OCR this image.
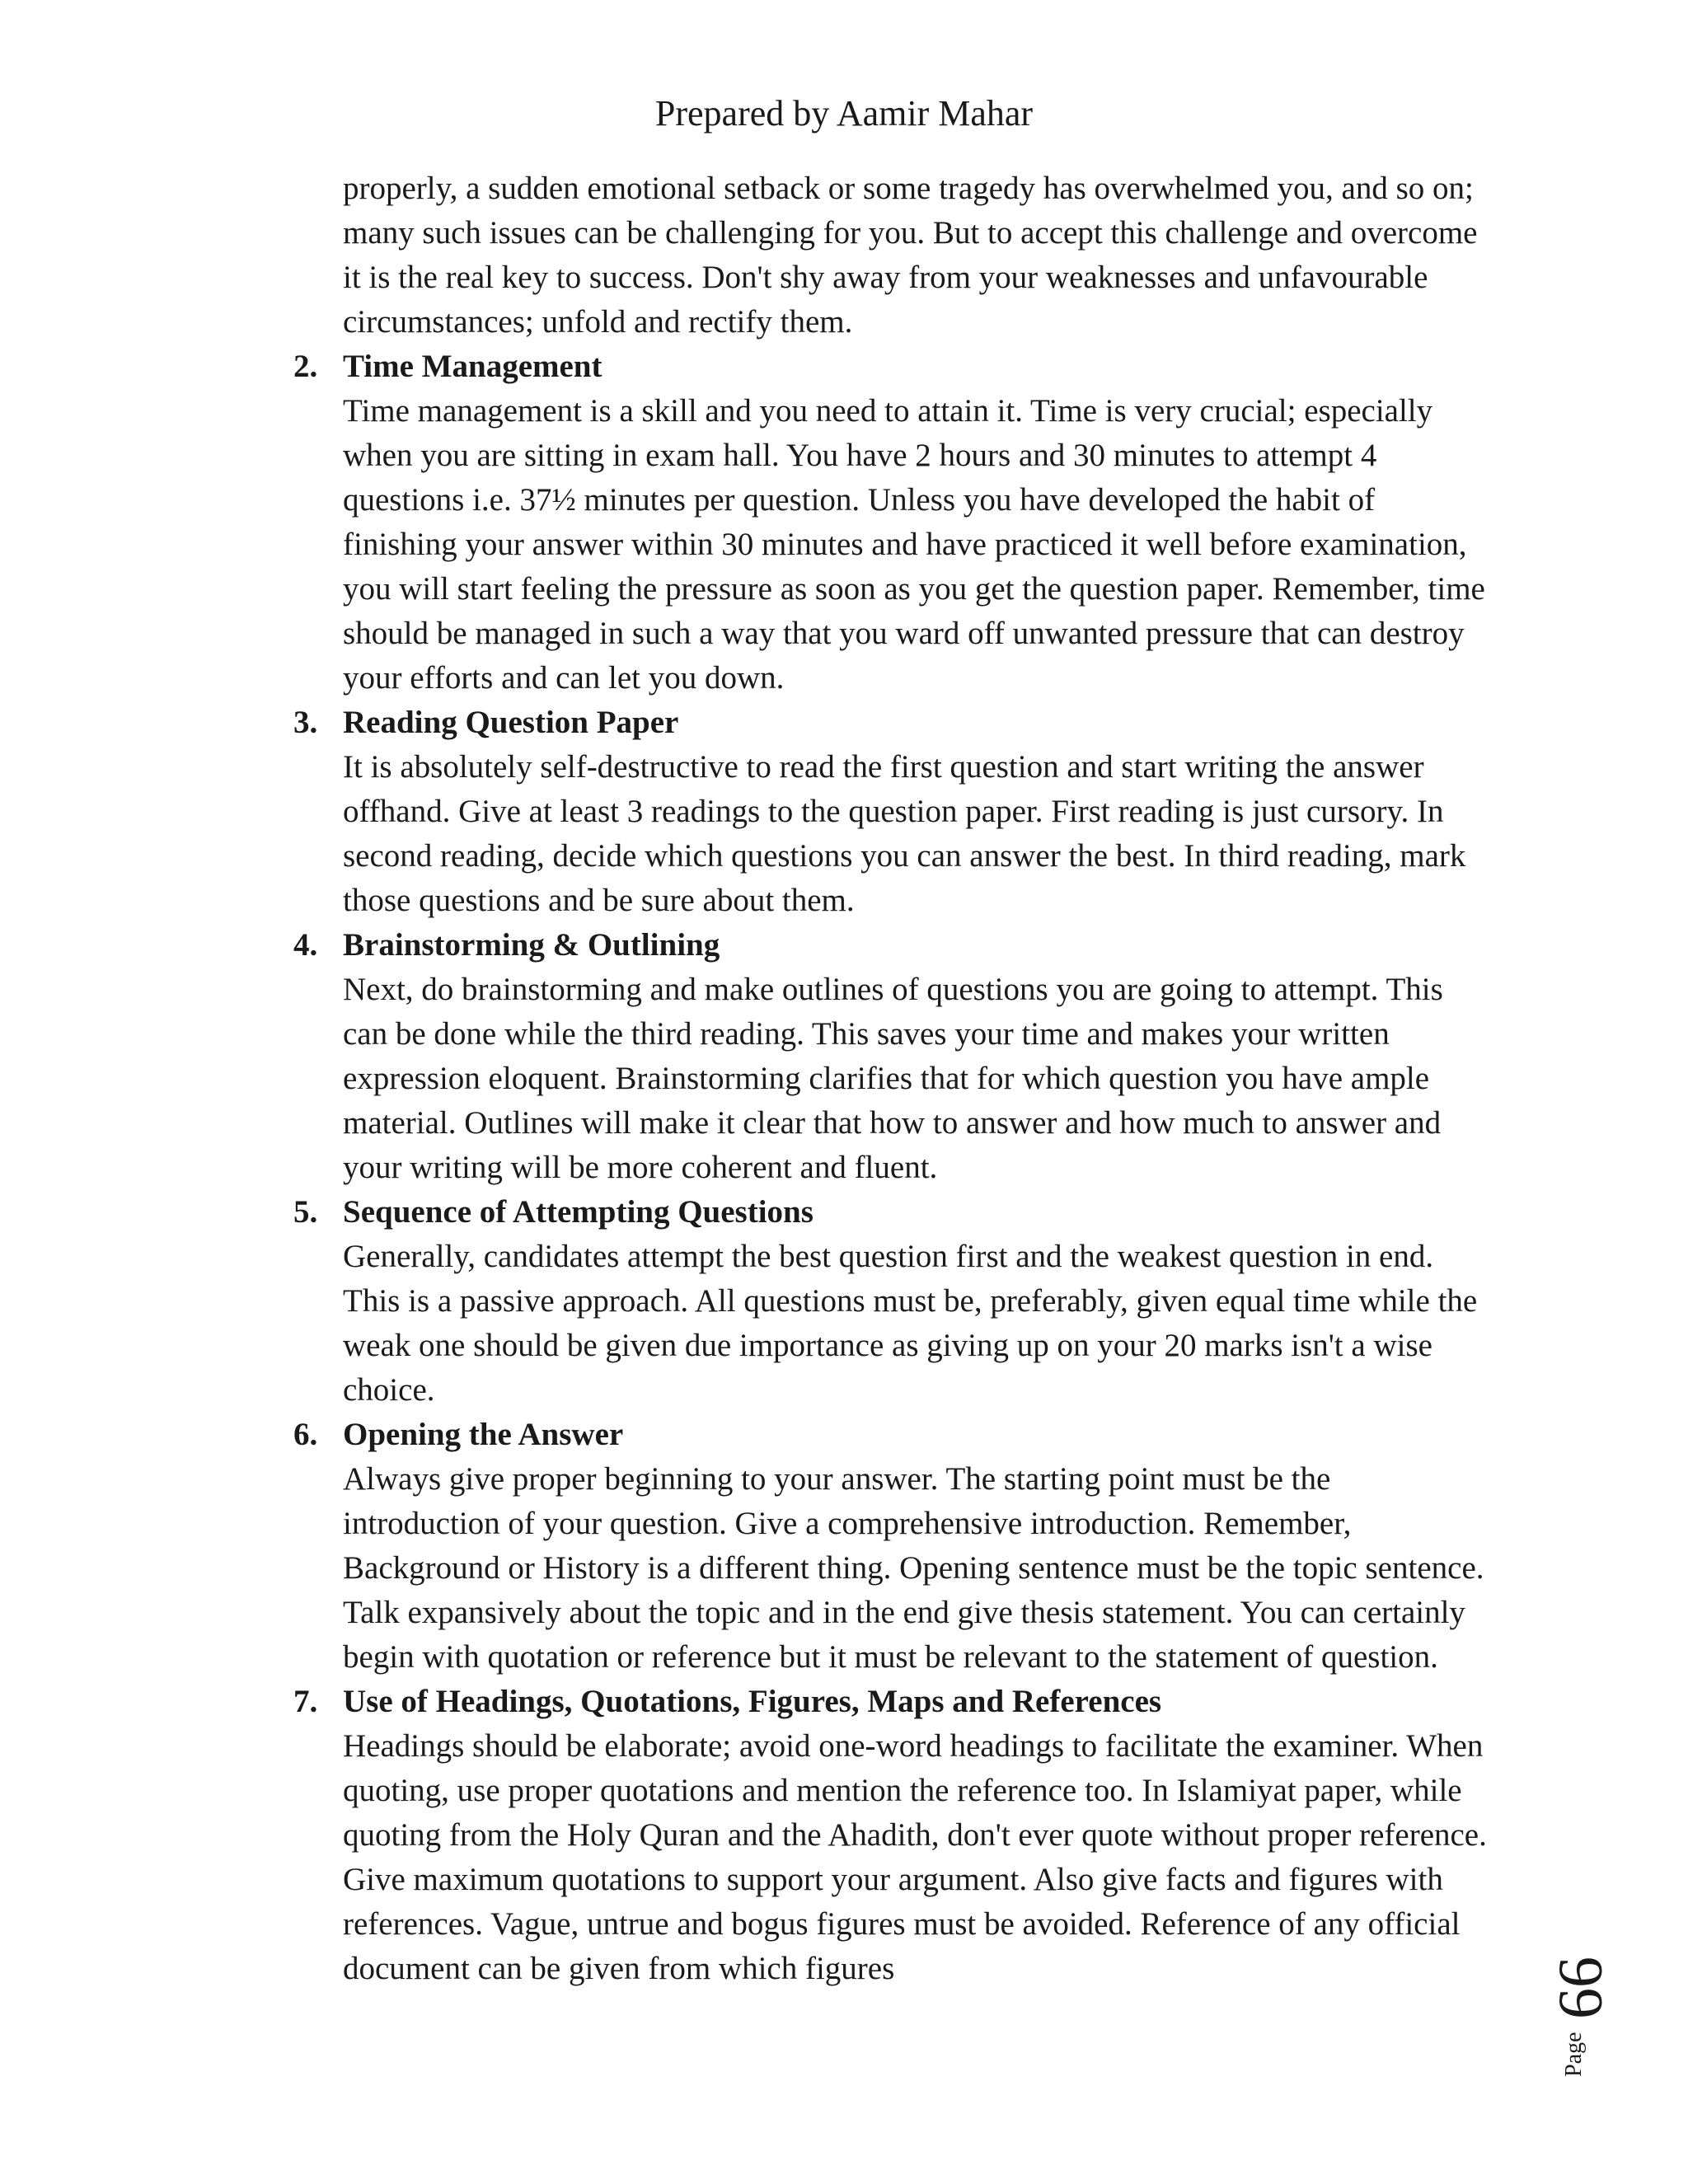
Prepared by Aamir Mahar

properly, a sudden emotional setback or some tragedy has overwhelmed you, and so on; many such issues can be challenging for you. But to accept this challenge and overcome it is the real key to success. Don't shy away from your weaknesses and unfavourable circumstances; unfold and rectify them.

2. Time Management

Time management is a skill and you need to attain it. Time is very crucial; especially when you are sitting in exam hall. You have 2 hours and 30 minutes to attempt 4 questions i.e. 37½ minutes per question. Unless you have developed the habit of finishing your answer within 30 minutes and have practiced it well before examination, you will start feeling the pressure as soon as you get the question paper. Remember, time should be managed in such a way that you ward off unwanted pressure that can destroy your efforts and can let you down.

3. Reading Question Paper

It is absolutely self-destructive to read the first question and start writing the answer offhand. Give at least 3 readings to the question paper. First reading is just cursory. In second reading, decide which questions you can answer the best. In third reading, mark those questions and be sure about them.

4. Brainstorming & Outlining

Next, do brainstorming and make outlines of questions you are going to attempt. This can be done while the third reading. This saves your time and makes your written expression eloquent. Brainstorming clarifies that for which question you have ample material. Outlines will make it clear that how to answer and how much to answer and your writing will be more coherent and fluent.

5. Sequence of Attempting Questions

Generally, candidates attempt the best question first and the weakest question in end. This is a passive approach. All questions must be, preferably, given equal time while the weak one should be given due importance as giving up on your 20 marks isn't a wise choice.

6. Opening the Answer

Always give proper beginning to your answer. The starting point must be the introduction of your question. Give a comprehensive introduction. Remember, Background or History is a different thing. Opening sentence must be the topic sentence. Talk expansively about the topic and in the end give thesis statement. You can certainly begin with quotation or reference but it must be relevant to the statement of question.

7. Use of Headings, Quotations, Figures, Maps and References

Headings should be elaborate; avoid one-word headings to facilitate the examiner. When quoting, use proper quotations and mention the reference too. In Islamiyat paper, while quoting from the Holy Quran and the Ahadith, don't ever quote without proper reference. Give maximum quotations to support your argument. Also give facts and figures with references. Vague, untrue and bogus figures must be avoided. Reference of any official document can be given from which figures	66
Page
